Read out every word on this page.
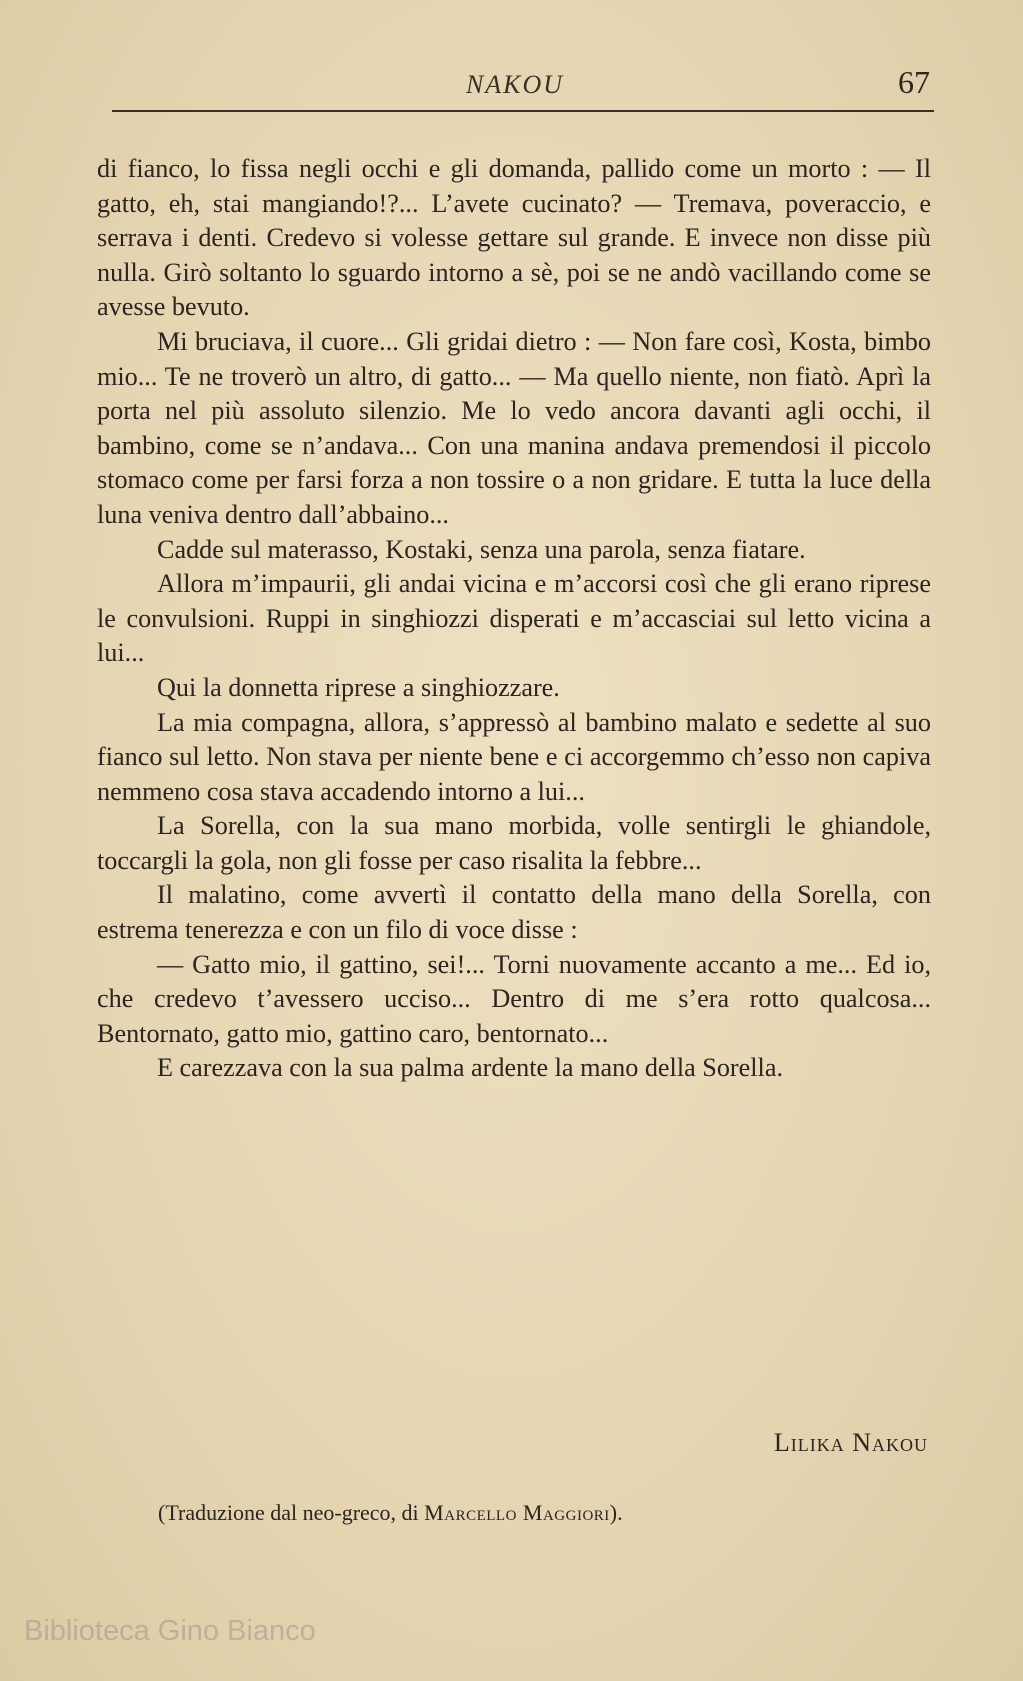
NAKOU	67

di fianco, lo fissa negli occhi e gli domanda, pallido come un morto : — Il gatto, eh, stai mangiando!?... L’avete cucinato? — Tremava, poveraccio, e serrava i denti. Credevo si volesse gettare sul grande. E invece non disse più nulla. Girò soltanto lo sguardo intorno a sè, poi se ne andò vacillando come se avesse bevuto.

Mi bruciava, il cuore... Gli gridai dietro : — Non fare così, Kosta, bimbo mio... Te ne troverò un altro, di gatto... — Ma quello niente, non fiatò. Aprì la porta nel più assoluto silenzio. Me lo vedo ancora davanti agli occhi, il bambino, come se n’andava... Con una manina andava premendosi il piccolo stomaco come per farsi forza a non tossire o a non gridare. E tutta la luce della luna veniva dentro dall’abbaino...

Cadde sul materasso, Kostaki, senza una parola, senza fiatare.

Allora m’impaurii, gli andai vicina e m’accorsi così che gli erano riprese le convulsioni. Ruppi in singhiozzi disperati e m’accasciai sul letto vicina a lui...

Qui la donnetta riprese a singhiozzare.

La mia compagna, allora, s’appressò al bambino malato e sedette al suo fianco sul letto. Non stava per niente bene e ci accorgemmo ch’esso non capiva nemmeno cosa stava accadendo intorno a lui...

La Sorella, con la sua mano morbida, volle sentirgli le ghiandole, toccargli la gola, non gli fosse per caso risalita la febbre...

Il malatino, come avvertì il contatto della mano della Sorella, con estrema tenerezza e con un filo di voce disse :

— Gatto mio, il gattino, sei!... Torni nuovamente accanto a me... Ed io, che credevo t’avessero ucciso... Dentro di me s’era rotto qualcosa... Bentornato, gatto mio, gattino caro, bentornato...

E carezzava con la sua palma ardente la mano della Sorella.

Lilika Nakou
(Traduzione dal neo-greco, di Marcello Maggiori).
Biblioteca Gino Bianco
